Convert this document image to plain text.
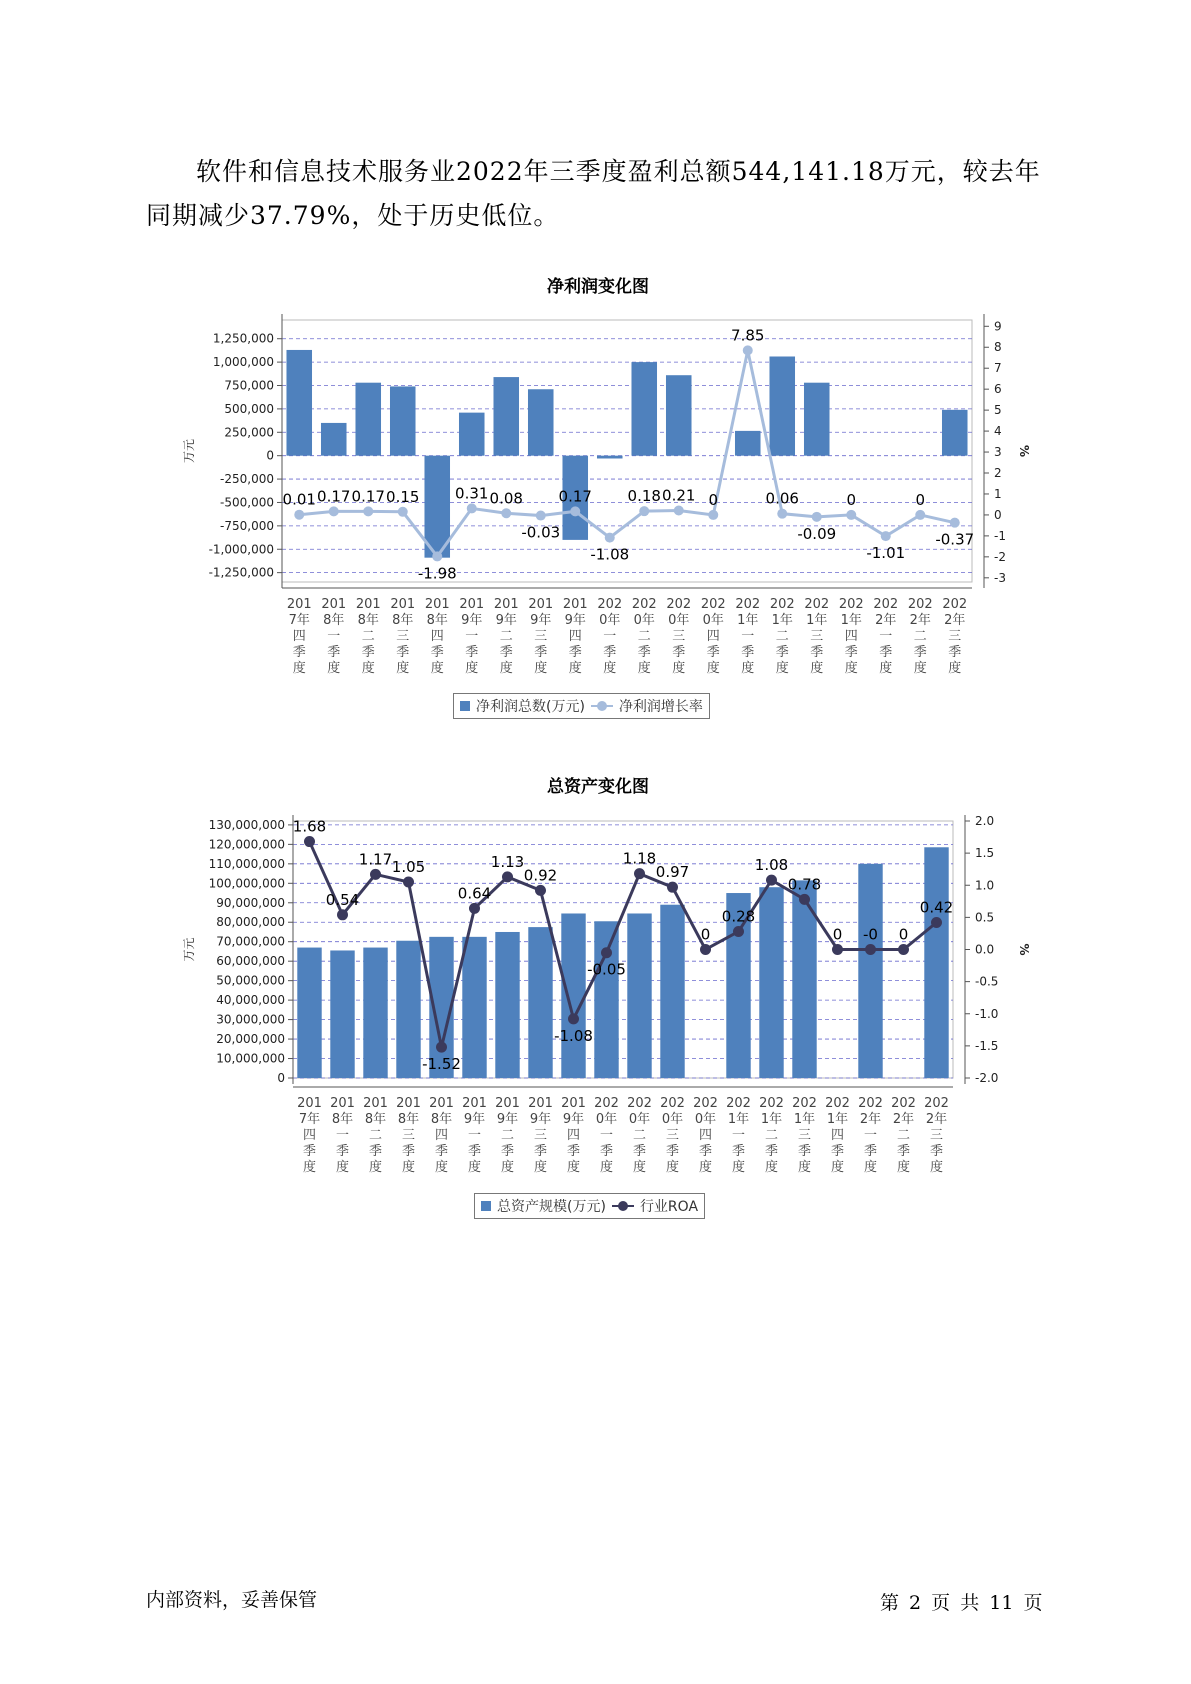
软件和信息技术服务业2022年三季度盈利总额544,141.18万元，较去年同期减少37.79%，处于历史低位。

净利润变化图
1,250,000
1,000,000
750,000
500,000
250,000
0
-250,000
-500,000
-750,000
-1,000,000
-1,250,000
9
8
7
6
5
4
3
2
1
0
-1
-2
-3
万元	%
0.01 0.17 0.17 0.15
-1.98
0.31 0.08
-0.03
0.17
-1.08
0.18 0.21 0
7.85
0.06
-0.09
0
-1.01
0
-0.37
201
7年
四
季
度
201
8年
一
季
度
201
8年
二
季
度
201
8年
三
季
度
201
8年
四
季
度
201
9年
一
季
度
201
9年
二
季
度
201
9年
三
季
度
201
9年
四
季
度
202
0年
一
季
度
202
0年
二
季
度
202
0年
三
季
度
202
0年
四
季
度
202
1年
一
季
度
202
1年
二
季
度
202
1年
三
季
度
202
1年
四
季
度
202
2年
一
季
度
202
2年
二
季
度
202
2年
三
季
度
净利润总数(万元) 净利润增长率
总资产变化图
130,000,000
120,000,000
110,000,000
100,000,000
90,000,000
80,000,000
70,000,000
60,000,000
50,000,000
40,000,000
30,000,000
20,000,000
10,000,000
0
2.0
1.5
1.0
0.5
0.0
-0.5
-1.0
-1.5
-2.0
万元	%
1.68
0.54
1.17 1.05
-1.52
0.64
1.13
0.92
-1.08
-0.05
1.18
0.97
0
0.28
1.08
0.78
0 -0 0
0.42
201
7年
四
季
度
201
8年
一
季
度
201
8年
二
季
度
201
8年
三
季
度
201
8年
四
季
度
201
9年
一
季
度
201
9年
二
季
度
201
9年
三
季
度
201
9年
四
季
度
202
0年
一
季
度
202
0年
二
季
度
202
0年
三
季
度
202
0年
四
季
度
202
1年
一
季
度
202
1年
二
季
度
202
1年
三
季
度
202
1年
四
季
度
202
2年
一
季
度
202
2年
二
季
度
202
2年
三
季
度
总资产规模(万元) 行业ROA
内部资料，妥善保管	第 2 页 共 11 页
